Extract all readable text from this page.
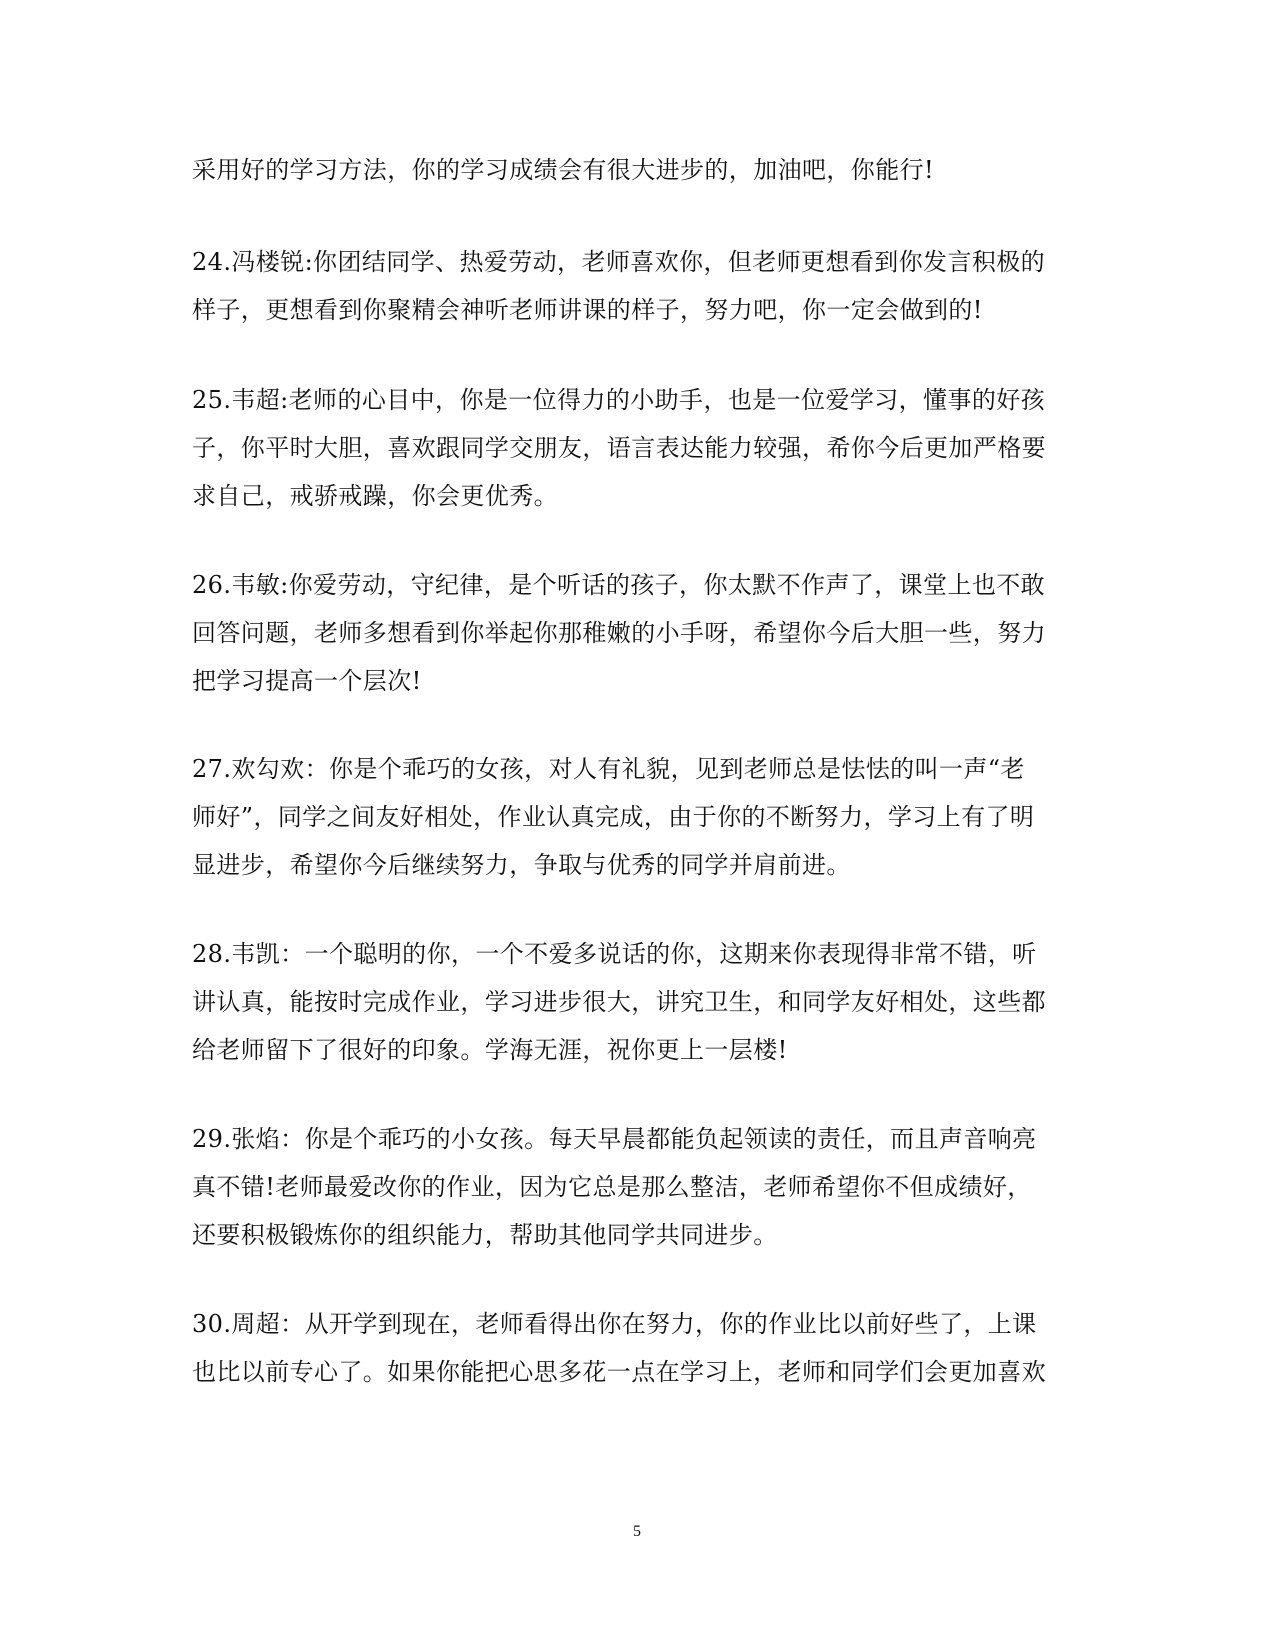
采用好的学习方法，你的学习成绩会有很大进步的，加油吧，你能行!
24.冯楼锐:你团结同学、热爱劳动，老师喜欢你，但老师更想看到你发言积极的
样子，更想看到你聚精会神听老师讲课的样子，努力吧，你一定会做到的!
25.韦超:老师的心目中，你是一位得力的小助手，也是一位爱学习，懂事的好孩
子，你平时大胆，喜欢跟同学交朋友，语言表达能力较强，希你今后更加严格要
求自己，戒骄戒躁，你会更优秀。
26.韦敏:你爱劳动，守纪律，是个听话的孩子，你太默不作声了，课堂上也不敢
回答问题，老师多想看到你举起你那稚嫩的小手呀，希望你今后大胆一些，努力
把学习提高一个层次!
27.欢勾欢：你是个乖巧的女孩，对人有礼貌，见到老师总是怯怯的叫一声“老
师好”，同学之间友好相处，作业认真完成，由于你的不断努力，学习上有了明
显进步，希望你今后继续努力，争取与优秀的同学并肩前进。
28.韦凯：一个聪明的你，一个不爱多说话的你，这期来你表现得非常不错，听
讲认真，能按时完成作业，学习进步很大，讲究卫生，和同学友好相处，这些都
给老师留下了很好的印象。学海无涯，祝你更上一层楼!
29.张焰：你是个乖巧的小女孩。每天早晨都能负起领读的责任，而且声音响亮
真不错!老师最爱改你的作业，因为它总是那么整洁，老师希望你不但成绩好，
还要积极锻炼你的组织能力，帮助其他同学共同进步。
30.周超：从开学到现在，老师看得出你在努力，你的作业比以前好些了，上课
也比以前专心了。如果你能把心思多花一点在学习上，老师和同学们会更加喜欢
5
